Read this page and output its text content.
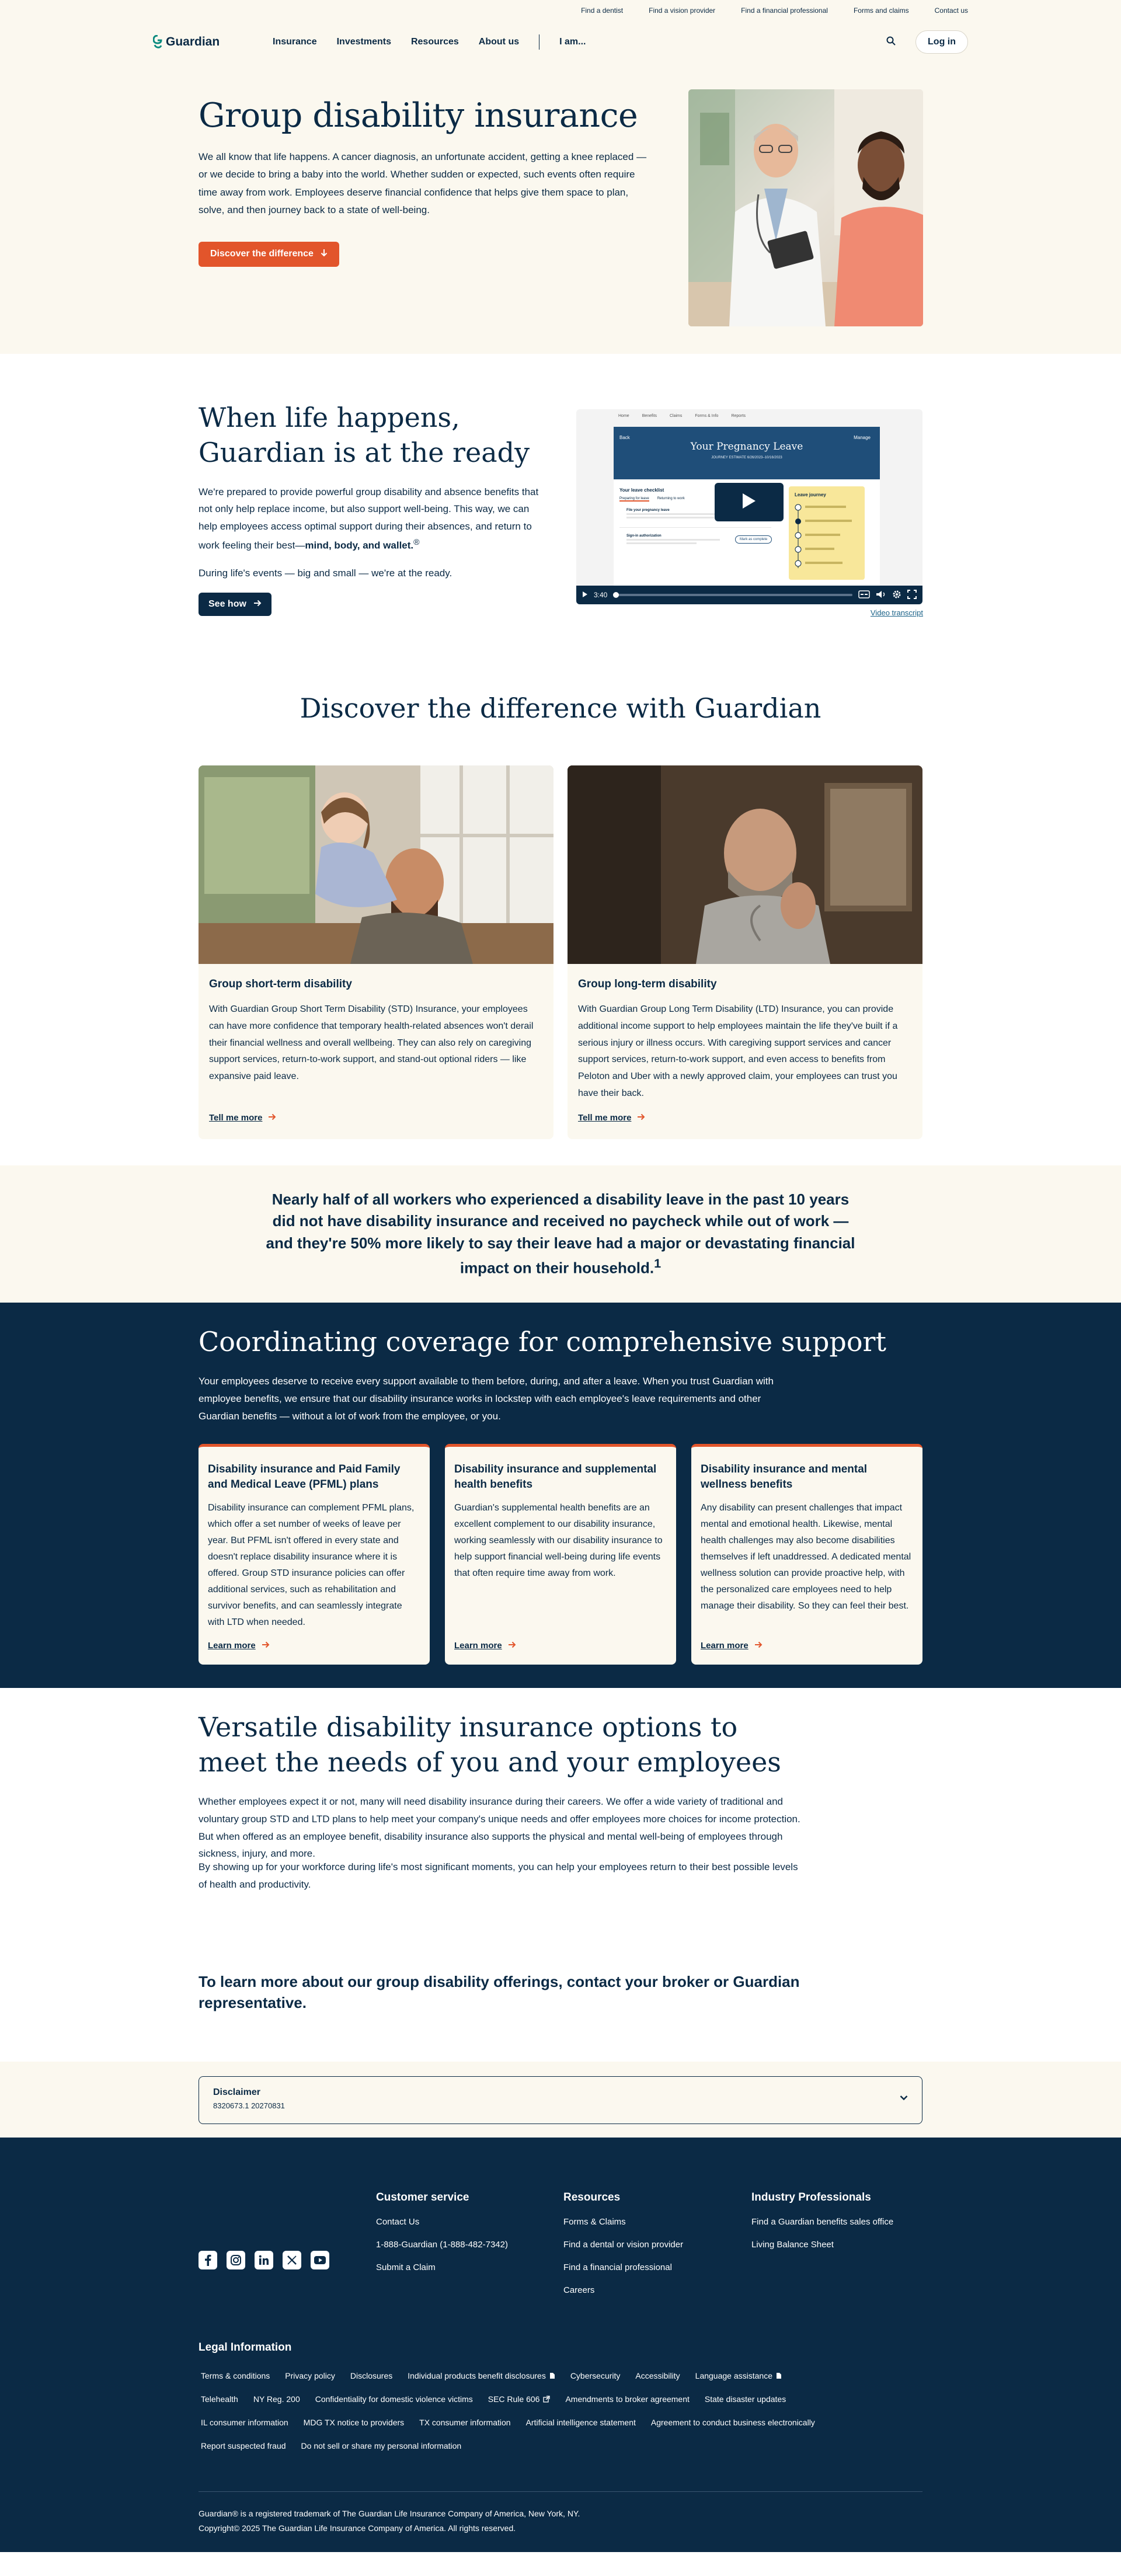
Find a dentist	Find a vision provider	Find a financial professional	Forms and claims	Contact us
Guardian	Insurance Investments Resources About us	I am...	Log in
Group disability insurance

We all know that life happens. A cancer diagnosis, an unfortunate accident, getting a knee replaced — or we decide to bring a baby into the world. Whether sudden or expected, such events often require time away from work. Employees deserve financial confidence that helps give them space to plan, solve, and then journey back to a state of well-being.

Discover the difference
When life happens, Guardian is at the ready

We're prepared to provide powerful group disability and absence benefits that not only help replace income, but also support well-being. This way, we can help employees access optimal support during their absences, and return to work feeling their best—mind, body, and wallet.®

During life's events — big and small — we're at the ready.

See how
Home	Benefits	Claims	Forms & Info	Reports
Back	Manage
Your Pregnancy Leave
JOURNEY ESTIMATE 6/26/2023–10/16/2023
Your leave checklist
Preparing for leave Returning to work
File your pregnancy leave
Sign-in authorization
Mark as complete
Leave journey
3:40
Video transcript
Discover the difference with Guardian
Group short-term disability

With Guardian Group Short Term Disability (STD) Insurance, your employees can have more confidence that temporary health-related absences won't derail their financial wellness and overall wellbeing. They can also rely on caregiving support services, return-to-work support, and stand-out optional riders — like expansive paid leave.

Tell me more
Group long-term disability

With Guardian Group Long Term Disability (LTD) Insurance, you can provide additional income support to help employees maintain the life they've built if a serious injury or illness occurs. With caregiving support services and cancer support services, return-to-work support, and even access to benefits from Peloton and Uber with a newly approved claim, your employees can trust you have their back.

Tell me more

Nearly half of all workers who experienced a disability leave in the past 10 years did not have disability insurance and received no paycheck while out of work — and they're 50% more likely to say their leave had a major or devastating financial impact on their household.$^1$

Coordinating coverage for comprehensive support

Your employees deserve to receive every support available to them before, during, and after a leave. When you trust Guardian with employee benefits, we ensure that our disability insurance works in lockstep with each employee's leave requirements and other Guardian benefits — without a lot of work from the employee, or you.

Disability insurance and Paid Family and Medical Leave (PFML) plans

Disability insurance can complement PFML plans, which offer a set number of weeks of leave per year. But PFML isn't offered in every state and doesn't replace disability insurance where it is offered. Group STD insurance policies can offer additional services, such as rehabilitation and survivor benefits, and can seamlessly integrate with LTD when needed.

Learn more
Disability insurance and supplemental health benefits

Guardian's supplemental health benefits are an excellent complement to our disability insurance, working seamlessly with our disability insurance to help support financial well-being during life events that often require time away from work.

Learn more
Disability insurance and mental wellness benefits

Any disability can present challenges that impact mental and emotional health. Likewise, mental health challenges may also become disabilities themselves if left unaddressed. A dedicated mental wellness solution can provide proactive help, with the personalized care employees need to help manage their disability. So they can feel their best.

Learn more
Versatile disability insurance options to meet the needs of you and your employees

Whether employees expect it or not, many will need disability insurance during their careers. We offer a wide variety of traditional and voluntary group STD and LTD plans to help meet your company's unique needs and offer employees more choices for income protection. But when offered as an employee benefit, disability insurance also supports the physical and mental well-being of employees through sickness, injury, and more.

By showing up for your workforce during life's most significant moments, you can help your employees return to their best possible levels of health and productivity.

To learn more about our group disability offerings, contact your broker or Guardian representative.

Disclaimer
8320673.1 20270831
Customer service
Contact Us
1-888-Guardian (1-888-482-7342)
Submit a Claim
Resources
Forms & Claims
Find a dental or vision provider
Find a financial professional
Careers
Industry Professionals
Find a Guardian benefits sales office
Living Balance Sheet
Legal Information
Terms & conditions Privacy policy Disclosures Individual products benefit disclosures	Cybersecurity Accessibility Language assistance
Telehealth NY Reg. 200 Confidentiality for domestic violence victims SEC Rule 606	Amendments to broker agreement State disaster updates
IL consumer information MDG TX notice to providers TX consumer information Artificial intelligence statement Agreement to conduct business electronically
Report suspected fraud Do not sell or share my personal information
Guardian® is a registered trademark of The Guardian Life Insurance Company of America, New York, NY.
Copyright© 2025 The Guardian Life Insurance Company of America. All rights reserved.
